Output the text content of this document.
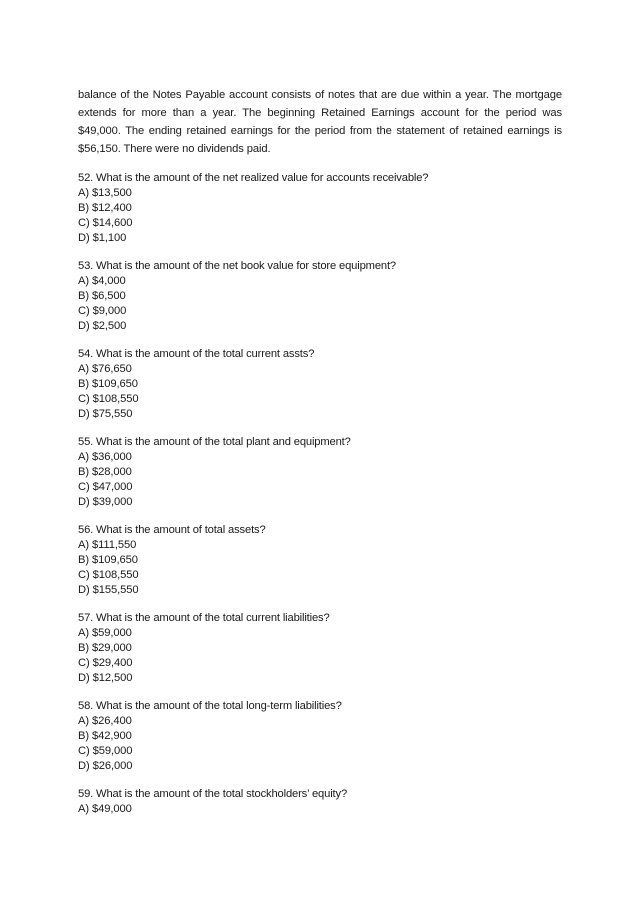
balance of the Notes Payable account consists of notes that are due within a year. The mortgage extends for more than a year. The beginning Retained Earnings account for the period was $49,000. The ending retained earnings for the period from the statement of retained earnings is $56,150. There were no dividends paid.

52. What is the amount of the net realized value for accounts receivable?
A) $13,500
B) $12,400
C) $14,600
D) $1,100
53. What is the amount of the net book value for store equipment?
A) $4,000
B) $6,500
C) $9,000
D) $2,500
54. What is the amount of the total current assts?
A) $76,650
B) $109,650
C) $108,550
D) $75,550
55. What is the amount of the total plant and equipment?
A) $36,000
B) $28,000
C) $47,000
D) $39,000
56. What is the amount of total assets?
A) $111,550
B) $109,650
C) $108,550
D) $155,550
57. What is the amount of the total current liabilities?
A) $59,000
B) $29,000
C) $29,400
D) $12,500
58. What is the amount of the total long-term liabilities?
A) $26,400
B) $42,900
C) $59,000
D) $26,000
59. What is the amount of the total stockholders’ equity?
A) $49,000
